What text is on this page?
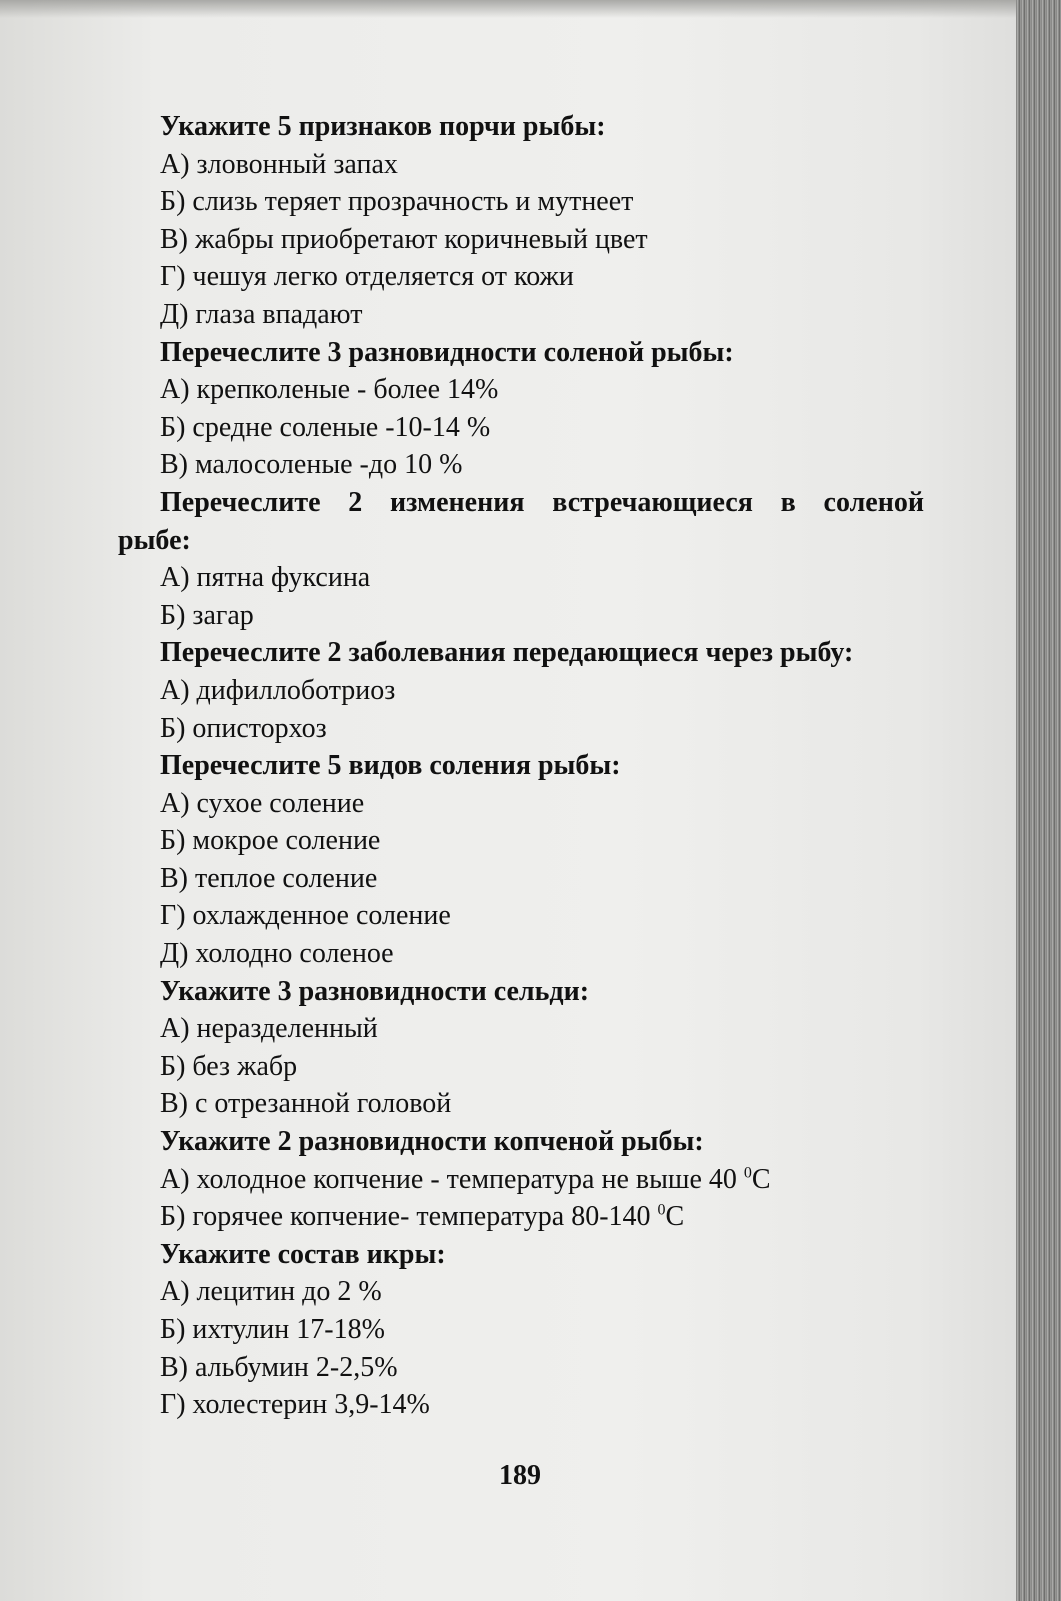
Укажите 5 признаков порчи рыбы:

А) зловонный запах

Б) слизь теряет прозрачность и мутнеет

В) жабры приобретают коричневый цвет

Г) чешуя легко отделяется от кожи

Д) глаза впадают

Перечеслите 3 разновидности соленой рыбы:

А) крепколеные - более 14%

Б) средне соленые -10-14 %

В) малосоленые -до 10 %

Перечеслите 2 изменения встречающиеся в соленой

рыбе:

А) пятна фуксина

Б) загар

Перечеслите 2 заболевания передающиеся через рыбу:

А) дифиллоботриоз

Б) описторхоз

Перечеслите 5 видов соления рыбы:

А) сухое соление

Б) мокрое соление

В) теплое соление

Г) охлажденное соление

Д) холодно соленое

Укажите 3 разновидности сельди:

А) неразделенный

Б) без жабр

В) с отрезанной головой

Укажите 2 разновидности копченой рыбы:

А) холодное копчение - температура не выше 40 $^0$С

Б) горячее копчение- температура 80-140 $^0$С

Укажите состав икры:

А) лецитин до 2 %

Б) ихтулин 17-18%

В) альбумин 2-2,5%

Г) холестерин 3,9-14%

189
